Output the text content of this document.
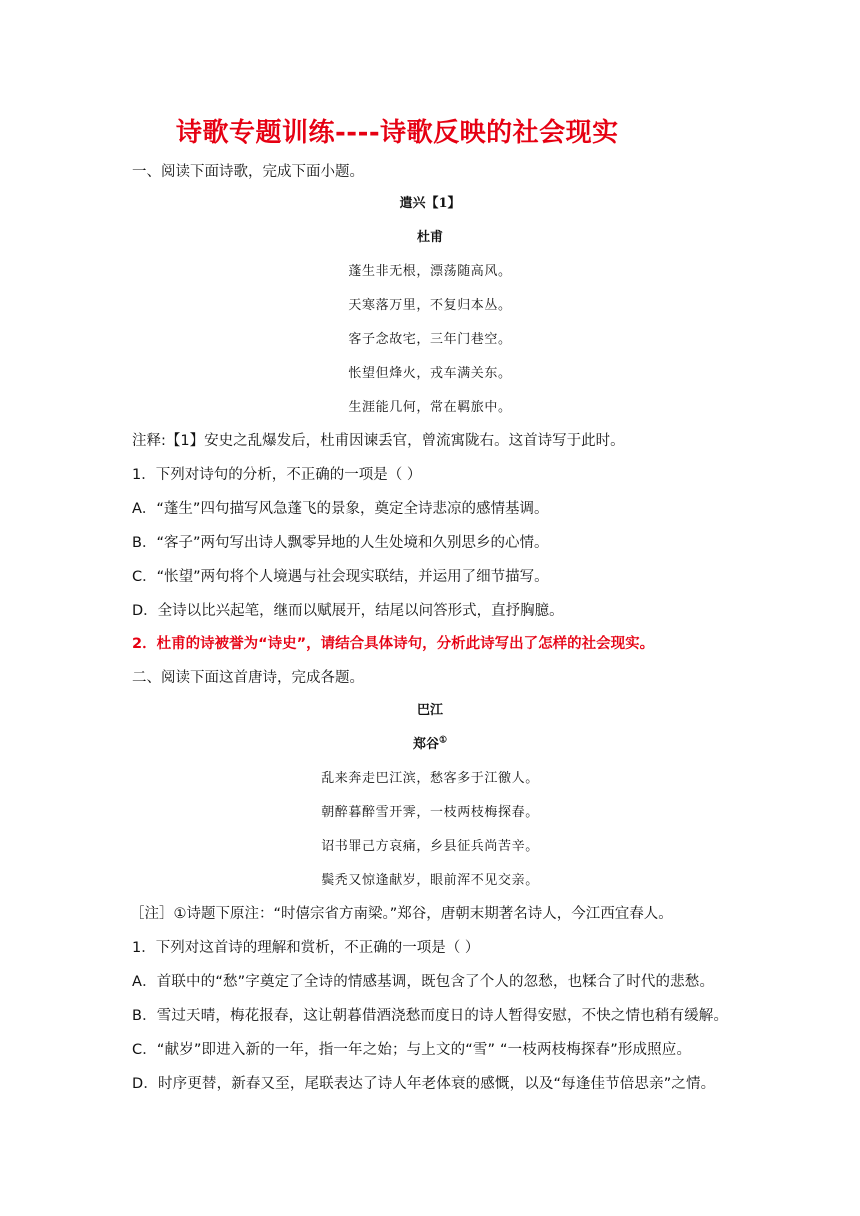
诗歌专题训练----诗歌反映的社会现实
一、阅读下面诗歌，完成下面小题。
遣兴【1】
杜甫
蓬生非无根，漂荡随高风。
天寒落万里，不复归本丛。
客子念故宅，三年门巷空。
怅望但烽火，戎车满关东。
生涯能几何，常在羁旅中。
注释:【1】安史之乱爆发后，杜甫因谏丢官，曾流寓陇右。这首诗写于此时。
1．下列对诗句的分析，不正确的一项是（ ）
A．“蓬生”四句描写风急蓬飞的景象，奠定全诗悲凉的感情基调。
B．“客子”两句写出诗人飘零异地的人生处境和久别思乡的心情。
C．“怅望”两句将个人境遇与社会现实联结，并运用了细节描写。
D．全诗以比兴起笔，继而以赋展开，结尾以问答形式，直抒胸臆。
2．杜甫的诗被誉为“诗史”，请结合具体诗句，分析此诗写出了怎样的社会现实。
二、阅读下面这首唐诗，完成各题。
巴江
郑谷①
乱来奔走巴江滨，愁客多于江徼人。
朝醉暮醉雪开霁，一枝两枝梅探春。
诏书罪己方哀痛，乡县征兵尚苦辛。
鬓秃又惊逢献岁，眼前浑不见交亲。
［注］①诗题下原注：“时僖宗省方南梁。”郑谷，唐朝末期著名诗人，今江西宜春人。
1．下列对这首诗的理解和赏析，不正确的一项是（ ）
A．首联中的“愁”字奠定了全诗的情感基调，既包含了个人的忽愁，也糅合了时代的悲愁。
B．雪过天晴，梅花报春，这让朝暮借酒浇愁而度日的诗人暂得安慰，不快之情也稍有缓解。
C．“献岁”即进入新的一年，指一年之始；与上文的“雪” “一枝两枝梅探春”形成照应。
D．时序更替，新春又至，尾联表达了诗人年老体衰的感慨，以及“每逢佳节倍思亲”之情。
